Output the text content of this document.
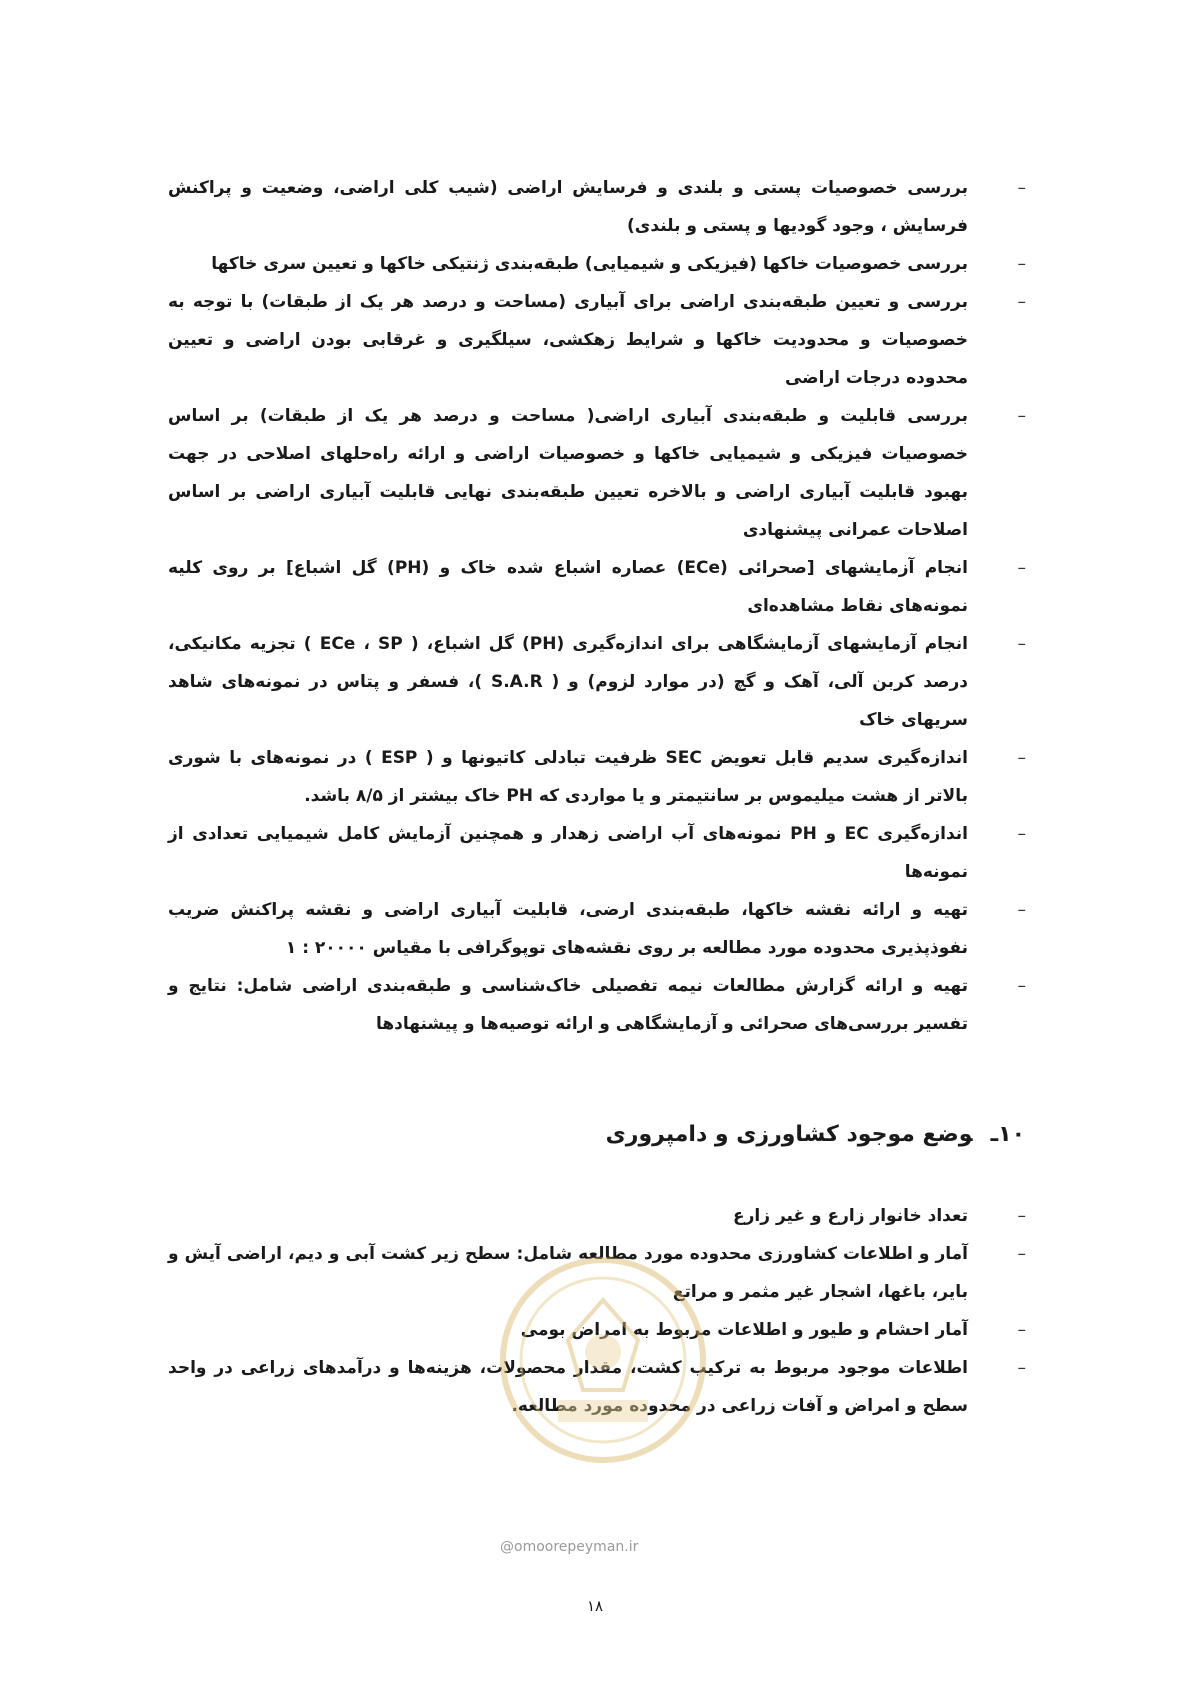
–
بررسی خصوصیات پستی و بلندی و فرسایش اراضی (شیب کلی اراضی، وضعیت و پراکنش فرسایش ، وجود گودیها و پستی و بلندی)
–
بررسی خصوصیات خاکها (فیزیکی و شیمیایی) طبقه‌بندی ژنتیکی خاکها و تعیین سری خاکها
–
بررسی و تعیین طبقه‌بندی اراضی برای آبیاری (مساحت و درصد هر یک از طبقات) با توجه به خصوصیات و محدودیت خاکها و شرایط زهکشی، سیلگیری و غرقابی بودن اراضی و تعیین محدوده درجات اراضی
–
بررسی قابلیت و طبقه‌بندی آبیاری اراضی( مساحت و درصد هر یک از طبقات) بر اساس خصوصیات فیزیکی و شیمیایی خاکها و خصوصیات اراضی و ارائه راه‌حلهای اصلاحی در جهت بهبود قابلیت آبیاری اراضی و بالاخره تعیین طبقه‌بندی نهایی قابلیت آبیاری اراضی بر اساس اصلاحات عمرانی پیشنهادی
–
انجام آزمایشهای [صحرائی (ECe) عصاره اشباع شده خاک و (PH) گل اشباع] بر روی کلیه نمونه‌های نقاط مشاهده‌ای
–
انجام آزمایشهای آزمایشگاهی برای اندازه‌گیری (PH) گل اشباع، ( ECe ، SP ) تجزیه مکانیکی، درصد کربن آلی، آهک و گچ (در موارد لزوم) و ( S.A.R )، فسفر و پتاس در نمونه‌های شاهد سریهای خاک
–
اندازه‌گیری سدیم قابل تعویض SEC ظرفیت تبادلی کاتیونها و ( ESP ) در نمونه‌های با شوری بالاتر از هشت میلیموس بر سانتیمتر و یا مواردی که PH خاک بیشتر از ۸/۵ باشد.
–
اندازه‌گیری EC و PH نمونه‌های آب اراضی زهدار و همچنین آزمایش کامل شیمیایی تعدادی از نمونه‌ها
–
تهیه و ارائه نقشه خاکها، طبقه‌بندی ارضی، قابلیت آبیاری اراضی و نقشه پراکنش ضریب نفوذپذیری محدوده مورد مطالعه بر روی نقشه‌های توپوگرافی با مقیاس ۲۰۰۰۰ : ۱
–
تهیه و ارائه گزارش مطالعات نیمه تفصیلی خاک‌شناسی و طبقه‌بندی اراضی شامل: نتایج و تفسیر بررسی‌های صحرائی و آزمایشگاهی و ارائه توصیه‌ها و پیشنهادها
۱۰ـوضع موجود کشاورزی و دامپروری
–
تعداد خانوار زارع و غیر زارع
–
آمار و اطلاعات کشاورزی محدوده مورد مطالعه شامل: سطح زیر کشت آبی و دیم، اراضی آیش و بایر، باغها، اشجار غیر مثمر و مراتع
–
آمار احشام و طیور و اطلاعات مربوط به امراض بومی
–
اطلاعات موجود مربوط به ترکیب کشت، مقدار محصولات، هزینه‌ها و درآمدهای زراعی در واحد سطح و امراض و آفات زراعی در محدوده مورد مطالعه.
@omoorepeyman.ir
۱۸
